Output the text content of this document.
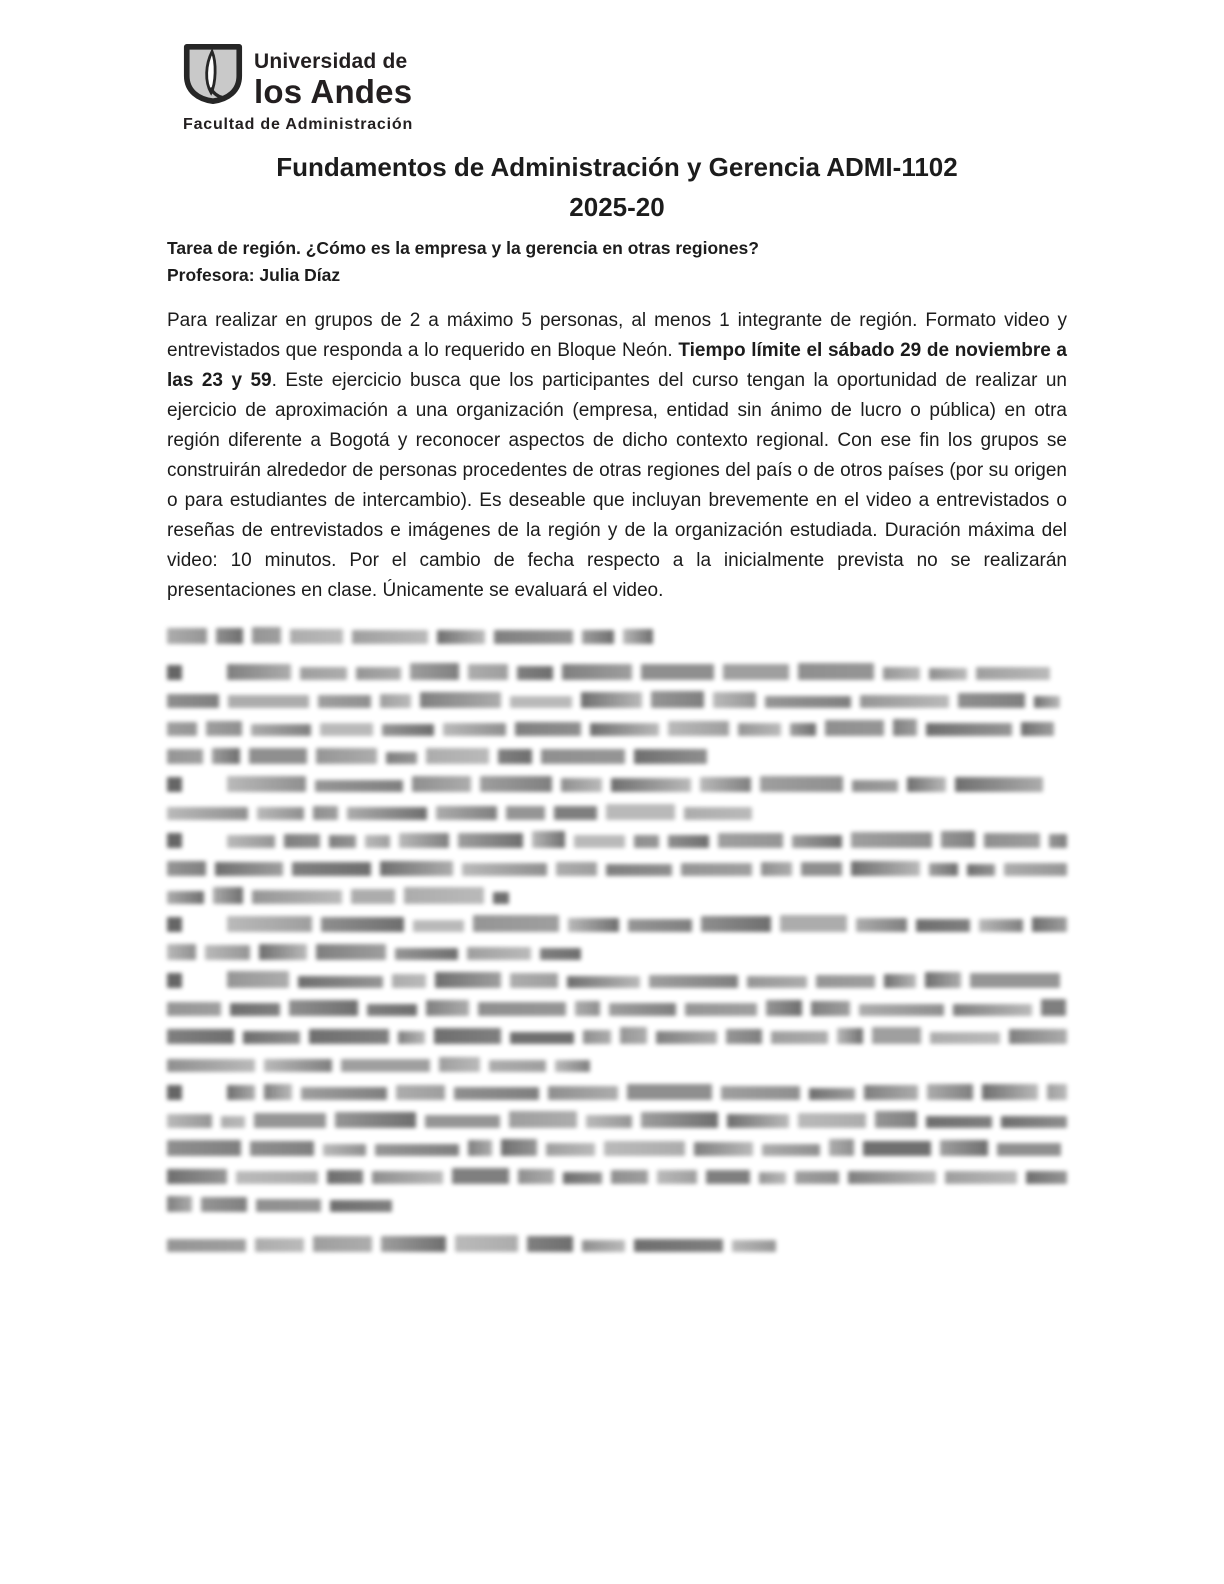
Universidad de
los Andes
Facultad de Administración
Fundamentos de Administración y Gerencia ADMI-1102
2025-20

Tarea de región. ¿Cómo es la empresa y la gerencia en otras regiones?

Profesora: Julia Díaz

Para realizar en grupos de 2 a máximo 5 personas, al menos 1 integrante de región. Formato video y entrevistados que responda a lo requerido en Bloque Neón. Tiempo límite el sábado 29 de noviembre a las 23 y 59. Este ejercicio busca que los participantes del curso tengan la oportunidad de realizar un ejercicio de aproximación a una organización (empresa, entidad sin ánimo de lucro o pública) en otra región diferente a Bogotá y reconocer aspectos de dicho contexto regional. Con ese fin los grupos se construirán alrededor de personas procedentes de otras regiones del país o de otros países (por su origen o para estudiantes de intercambio). Es deseable que incluyan brevemente en el video a entrevistados o reseñas de entrevistados e imágenes de la región y de la organización estudiada. Duración máxima del video: 10 minutos. Por el cambio de fecha respecto a la inicialmente prevista no se realizarán presentaciones en clase. Únicamente se evaluará el video.
